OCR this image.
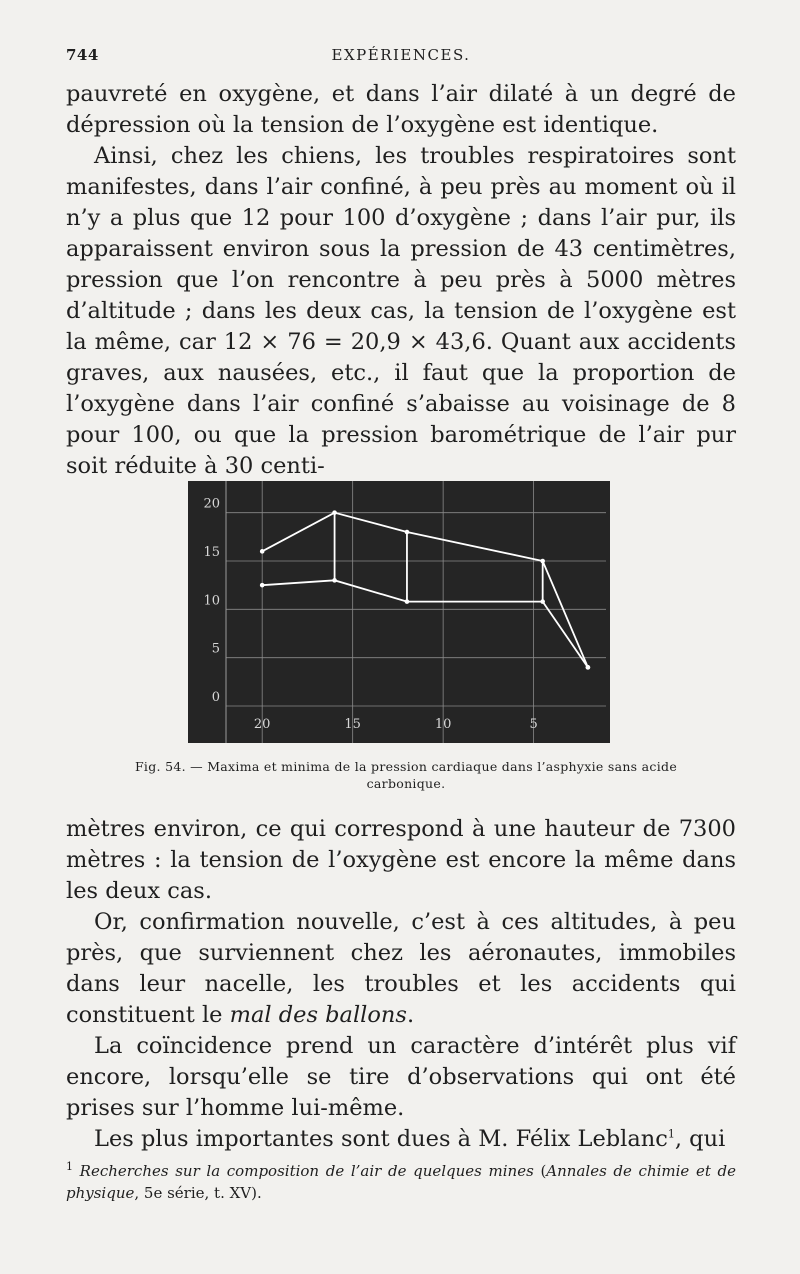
744	EXPÉRIENCES.

pauvreté en oxygène, et dans l’air dilaté à un degré de dépression où la tension de l’oxygène est identique.

Ainsi, chez les chiens, les troubles respiratoires sont manifestes, dans l’air confiné, à peu près au moment où il n’y a plus que 12 pour 100 d’oxygène ; dans l’air pur, ils apparaissent environ sous la pression de 43 centimètres, pression que l’on rencontre à peu près à 5000 mètres d’altitude ; dans les deux cas, la tension de l’oxygène est la même, car 12 × 76 = 20,9 × 43,6. Quant aux accidents graves, aux nausées, etc., il faut que la proportion de l’oxygène dans l’air confiné s’abaisse au voisinage de 8 pour 100, ou que la pression barométrique de l’air pur soit réduite à 30 centi-

0
5
10
15
20
20	15	10	5
Fig. 54. — Maxima et minima de la pression cardiaque dans l’asphyxie sans acide carbonique.

mètres environ, ce qui correspond à une hauteur de 7300 mètres : la tension de l’oxygène est encore la même dans les deux cas.

Or, confirmation nouvelle, c’est à ces altitudes, à peu près, que surviennent chez les aéronautes, immobiles dans leur nacelle, les troubles et les accidents qui constituent le mal des ballons.

La coïncidence prend un caractère d’intérêt plus vif encore, lorsqu’elle se tire d’observations qui ont été prises sur l’homme lui-même.

Les plus importantes sont dues à M. Félix Leblanc$^1$, qui

$^1$ Recherches sur la composition de l’air de quelques mines (Annales de chimie et de physique, 5e série, t. XV).
